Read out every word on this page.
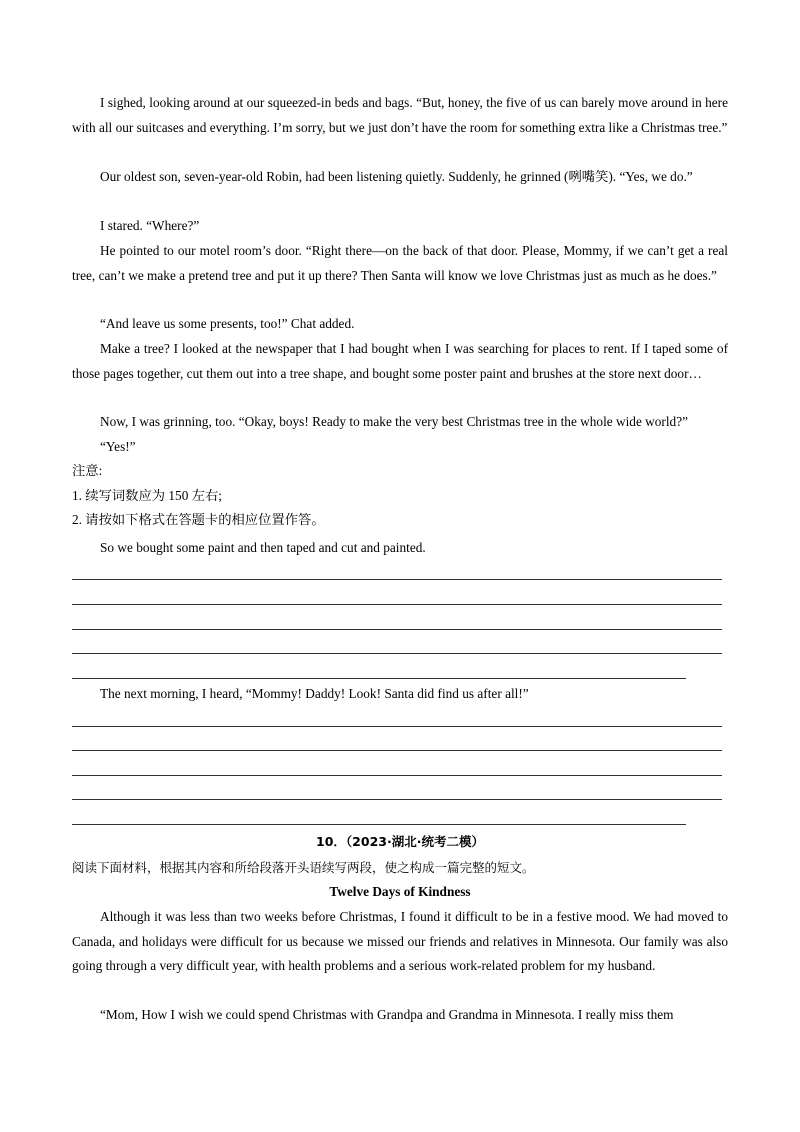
I sighed, looking around at our squeezed-in beds and bags. “But, honey, the five of us can barely move around in here with all our suitcases and everything. I’m sorry, but we just don’t have the room for something extra like a Christmas tree.”

Our oldest son, seven-year-old Robin, had been listening quietly. Suddenly, he grinned (咧嘴笑). “Yes, we do.”

I stared. “Where?”

He pointed to our motel room’s door. “Right there—on the back of that door. Please, Mommy, if we can’t get a real tree, can’t we make a pretend tree and put it up there? Then Santa will know we love Christmas just as much as he does.”

“And leave us some presents, too!” Chat added.

Make a tree? I looked at the newspaper that I had bought when I was searching for places to rent. If I taped some of those pages together, cut them out into a tree shape, and bought some poster paint and brushes at the store next door…

Now, I was grinning, too. “Okay, boys! Ready to make the very best Christmas tree in the whole wide world?”

“Yes!”

注意:

1. 续写词数应为 150 左右;

2. 请按如下格式在答题卡的相应位置作答。

So we bought some paint and then taped and cut and painted.

The next morning, I heard, “Mommy! Daddy! Look! Santa did find us after all!”

10．（2023·湖北·统考二模）

阅读下面材料，根据其内容和所给段落开头语续写两段，使之构成一篇完整的短文。

Twelve Days of Kindness

Although it was less than two weeks before Christmas, I found it difficult to be in a festive mood. We had moved to Canada, and holidays were difficult for us because we missed our friends and relatives in Minnesota. Our family was also going through a very difficult year, with health problems and a serious work-related problem for my husband.

“Mom, How I wish we could spend Christmas with Grandpa and Grandma in Minnesota. I really miss them
